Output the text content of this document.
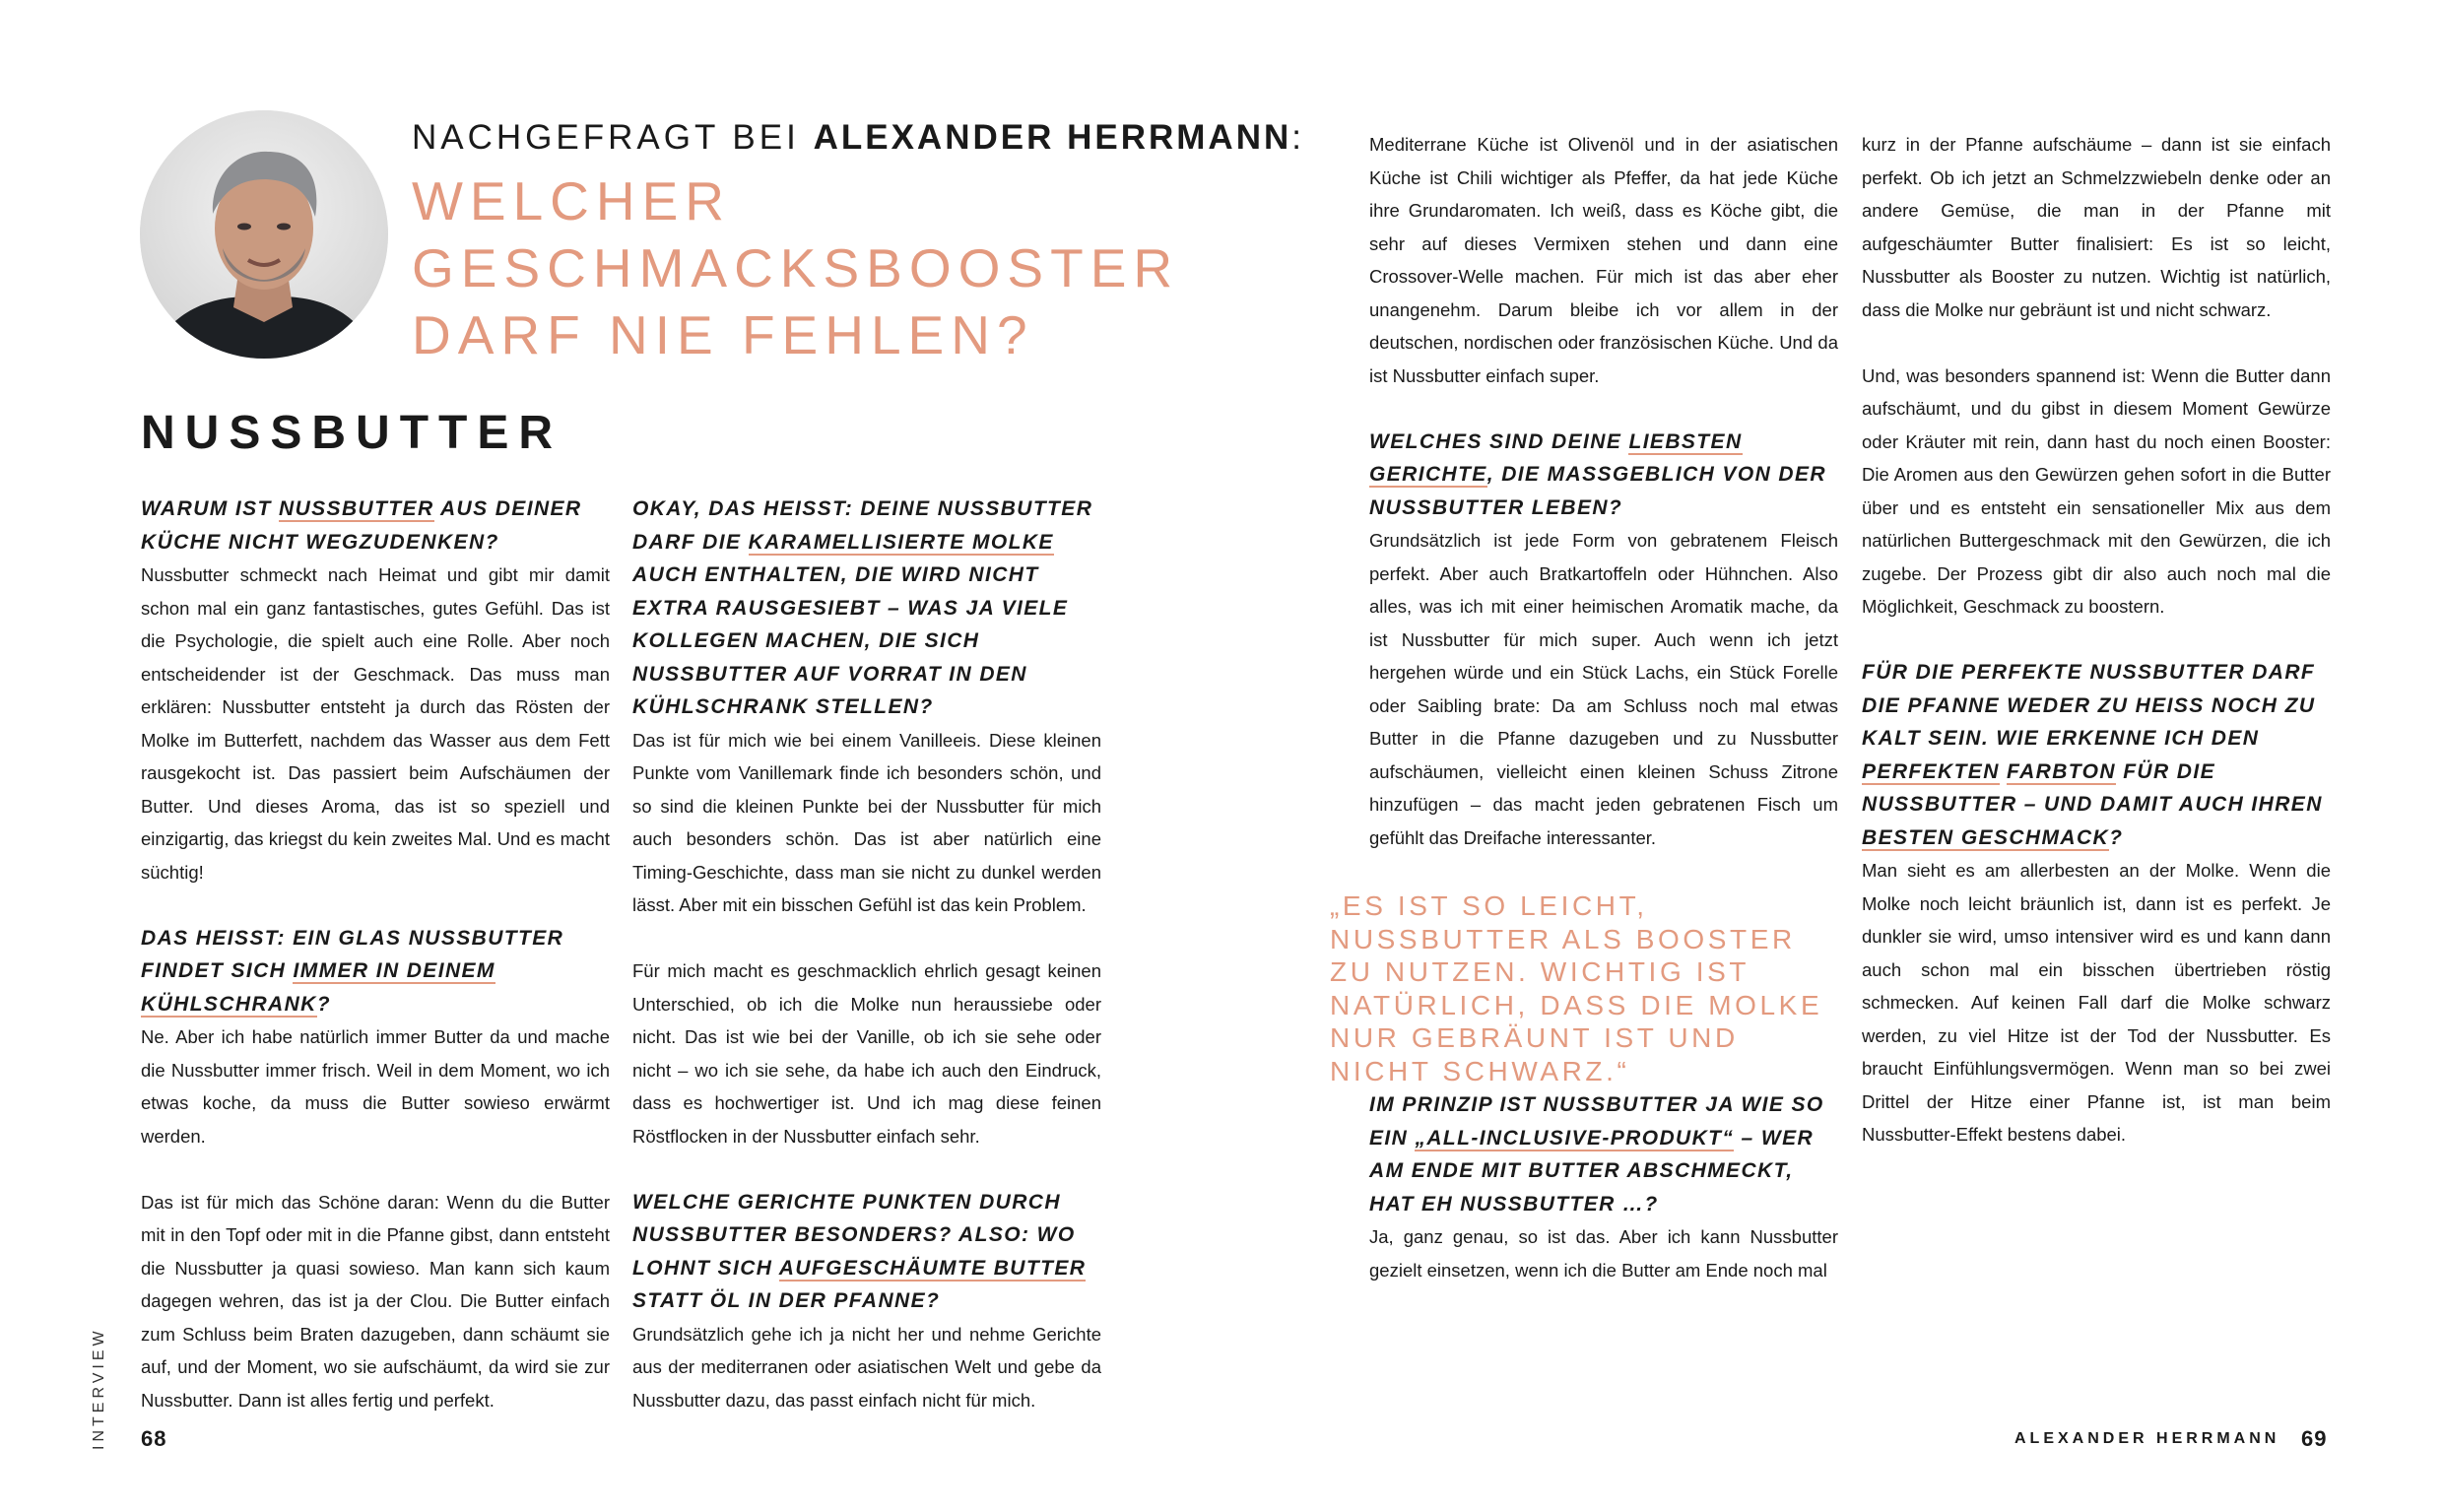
NACHGEFRAGT BEI ALEXANDER HERRMANN:
WELCHER
GESCHMACKSBOOSTER
DARF NIE FEHLEN?
NUSSBUTTER

WARUM IST NUSSBUTTER AUS DEINER KÜCHE NICHT WEGZUDENKEN?

Nussbutter schmeckt nach Heimat und gibt mir damit schon mal ein ganz fantastisches, gutes Gefühl. Das ist die Psychologie, die spielt auch eine Rolle. Aber noch entscheidender ist der Geschmack. Das muss man erklären: Nussbutter entsteht ja durch das Rösten der Molke im Butterfett, nachdem das Wasser aus dem Fett rausgekocht ist. Das passiert beim Aufschäumen der Butter. Und dieses Aroma, das ist so speziell und einzigartig, das kriegst du kein zweites Mal. Und es macht süchtig!

DAS HEISST: EIN GLAS NUSSBUTTER FINDET SICH IMMER IN DEINEM KÜHLSCHRANK?

Ne. Aber ich habe natürlich immer Butter da und mache die Nussbutter immer frisch. Weil in dem Moment, wo ich etwas koche, da muss die Butter sowieso erwärmt werden.

Das ist für mich das Schöne daran: Wenn du die Butter mit in den Topf oder mit in die Pfanne gibst, dann entsteht die Nussbutter ja quasi sowieso. Man kann sich kaum dagegen wehren, das ist ja der Clou. Die Butter einfach zum Schluss beim Braten dazugeben, dann schäumt sie auf, und der Moment, wo sie aufschäumt, da wird sie zur Nussbutter. Dann ist alles fertig und perfekt.

OKAY, DAS HEISST: DEINE NUSSBUTTER DARF DIE KARAMELLISIERTE MOLKE AUCH ENTHALTEN, DIE WIRD NICHT EXTRA RAUSGESIEBT – WAS JA VIELE KOLLEGEN MACHEN, DIE SICH NUSSBUTTER AUF VORRAT IN DEN KÜHLSCHRANK STELLEN?

Das ist für mich wie bei einem Vanilleeis. Diese kleinen Punkte vom Vanillemark finde ich besonders schön, und so sind die kleinen Punkte bei der Nussbutter für mich auch besonders schön. Das ist aber natürlich eine Timing-Geschichte, dass man sie nicht zu dunkel werden lässt. Aber mit ein bisschen Gefühl ist das kein Problem.

Für mich macht es geschmacklich ehrlich gesagt keinen Unterschied, ob ich die Molke nun heraussiebe oder nicht. Das ist wie bei der Vanille, ob ich sie sehe oder nicht – wo ich sie sehe, da habe ich auch den Eindruck, dass es hochwertiger ist. Und ich mag diese feinen Röstflocken in der Nussbutter einfach sehr.

WELCHE GERICHTE PUNKTEN DURCH NUSSBUTTER BESONDERS? ALSO: WO LOHNT SICH AUFGESCHÄUMTE BUTTER STATT ÖL IN DER PFANNE?

Grundsätzlich gehe ich ja nicht her und nehme Gerichte aus der mediterranen oder asiatischen Welt und gebe da Nussbutter dazu, das passt einfach nicht für mich.

Mediterrane Küche ist Olivenöl und in der asiatischen Küche ist Chili wichtiger als Pfeffer, da hat jede Küche ihre Grundaromaten. Ich weiß, dass es Köche gibt, die sehr auf dieses Vermixen stehen und dann eine Crossover-Welle machen. Für mich ist das aber eher unangenehm. Darum bleibe ich vor allem in der deutschen, nordischen oder französischen Küche. Und da ist Nussbutter einfach super.

WELCHES SIND DEINE LIEBSTEN GERICHTE, DIE MASSGEBLICH VON DER NUSSBUTTER LEBEN?

Grundsätzlich ist jede Form von gebratenem Fleisch perfekt. Aber auch Bratkartoffeln oder Hühnchen. Also alles, was ich mit einer heimischen Aromatik mache, da ist Nussbutter für mich super. Auch wenn ich jetzt hergehen würde und ein Stück Lachs, ein Stück Forelle oder Saibling brate: Da am Schluss noch mal etwas Butter in die Pfanne dazugeben und zu Nussbutter aufschäumen, vielleicht einen kleinen Schuss Zitrone hinzufügen – das macht jeden gebratenen Fisch um gefühlt das Dreifache interessanter.

„ES IST SO LEICHT, NUSSBUTTER ALS BOOSTER ZU NUTZEN. WICHTIG IST NATÜRLICH, DASS DIE MOLKE NUR GEBRÄUNT IST UND NICHT SCHWARZ.“

IM PRINZIP IST NUSSBUTTER JA WIE SO EIN „ALL-INCLUSIVE-PRODUKT“ – WER AM ENDE MIT BUTTER ABSCHMECKT, HAT EH NUSSBUTTER …?

Ja, ganz genau, so ist das. Aber ich kann Nussbutter gezielt einsetzen, wenn ich die Butter am Ende noch mal

kurz in der Pfanne aufschäume – dann ist sie einfach perfekt. Ob ich jetzt an Schmelzzwiebeln denke oder an andere Gemüse, die man in der Pfanne mit aufgeschäumter Butter finalisiert: Es ist so leicht, Nussbutter als Booster zu nutzen. Wichtig ist natürlich, dass die Molke nur gebräunt ist und nicht schwarz.

Und, was besonders spannend ist: Wenn die Butter dann aufschäumt, und du gibst in diesem Moment Gewürze oder Kräuter mit rein, dann hast du noch einen Booster: Die Aromen aus den Gewürzen gehen sofort in die Butter über und es entsteht ein sensationeller Mix aus dem natürlichen Buttergeschmack mit den Gewürzen, die ich zugebe. Der Prozess gibt dir also auch noch mal die Möglichkeit, Geschmack zu boostern.

FÜR DIE PERFEKTE NUSSBUTTER DARF DIE PFANNE WEDER ZU HEISS NOCH ZU KALT SEIN. WIE ERKENNE ICH DEN PERFEKTEN FARBTON FÜR DIE NUSSBUTTER – UND DAMIT AUCH IHREN BESTEN GESCHMACK?

Man sieht es am allerbesten an der Molke. Wenn die Molke noch leicht bräunlich ist, dann ist es perfekt. Je dunkler sie wird, umso intensiver wird es und kann dann auch schon mal ein bisschen übertrieben röstig schmecken. Auf keinen Fall darf die Molke schwarz werden, zu viel Hitze ist der Tod der Nussbutter. Es braucht Einfühlungsvermögen. Wenn man so bei zwei Drittel der Hitze einer Pfanne ist, ist man beim Nussbutter-Effekt bestens dabei.

INTERVIEW 68	ALEXANDER HERRMANN 69
